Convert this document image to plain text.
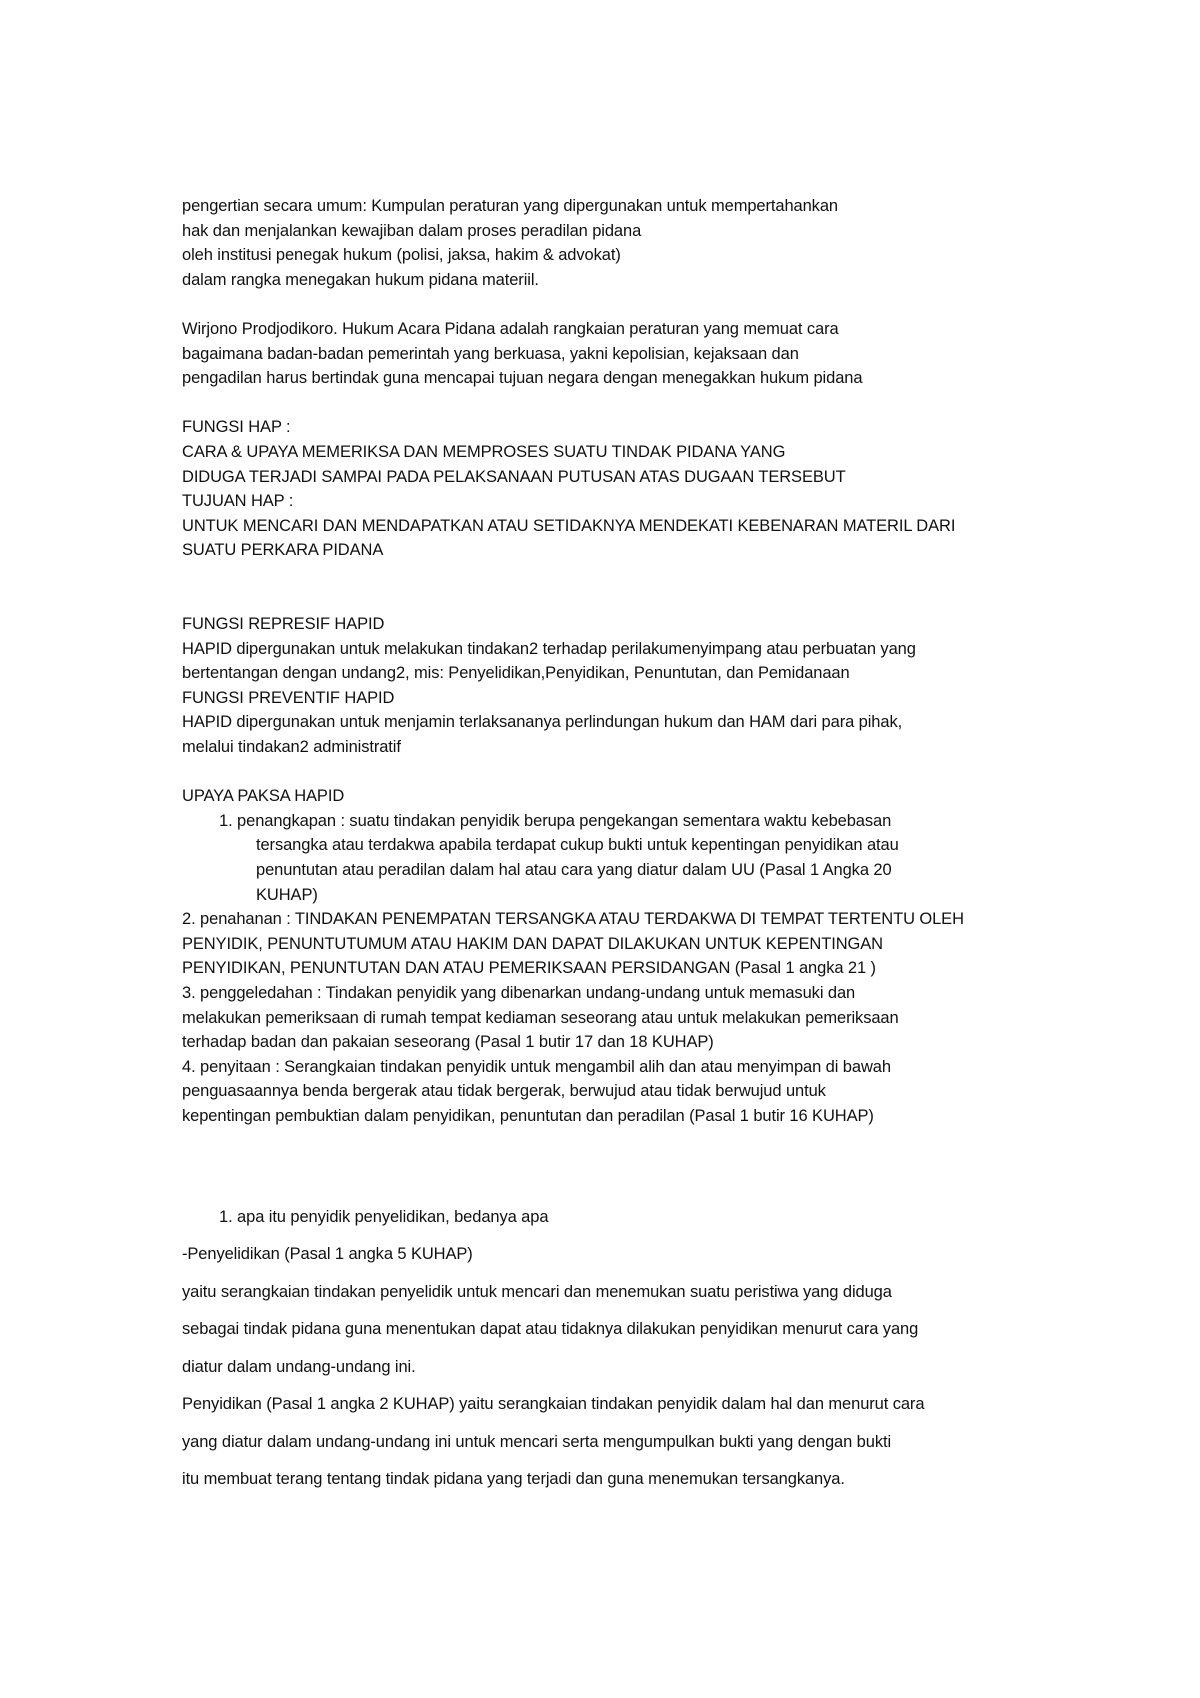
pengertian secara umum: Kumpulan peraturan yang dipergunakan untuk mempertahankan
hak dan menjalankan kewajiban dalam proses peradilan pidana
oleh institusi penegak hukum (polisi, jaksa, hakim & advokat)
dalam rangka menegakan hukum pidana materiil.
Wirjono Prodjodikoro. Hukum Acara Pidana adalah rangkaian peraturan yang memuat cara
bagaimana badan-badan pemerintah yang berkuasa, yakni kepolisian, kejaksaan dan
pengadilan harus bertindak guna mencapai tujuan negara dengan menegakkan hukum pidana
FUNGSI HAP :
CARA & UPAYA MEMERIKSA DAN MEMPROSES SUATU TINDAK PIDANA YANG
DIDUGA TERJADI SAMPAI PADA PELAKSANAAN PUTUSAN ATAS DUGAAN TERSEBUT
TUJUAN HAP :
UNTUK MENCARI DAN MENDAPATKAN ATAU SETIDAKNYA MENDEKATI KEBENARAN MATERIL DARI
SUATU PERKARA PIDANA
FUNGSI REPRESIF HAPID
HAPID dipergunakan untuk melakukan tindakan2 terhadap perilakumenyimpang atau perbuatan yang
bertentangan dengan undang2, mis: Penyelidikan,Penyidikan, Penuntutan, dan Pemidanaan
FUNGSI PREVENTIF HAPID
HAPID dipergunakan untuk menjamin terlaksananya perlindungan hukum dan HAM dari para pihak,
melalui tindakan2 administratif
UPAYA PAKSA HAPID
1. penangkapan : suatu tindakan penyidik berupa pengekangan sementara waktu kebebasan
tersangka atau terdakwa apabila terdapat cukup bukti untuk kepentingan penyidikan atau
penuntutan atau peradilan dalam hal atau cara yang diatur dalam UU (Pasal 1 Angka 20
KUHAP)
2. penahanan : TINDAKAN PENEMPATAN TERSANGKA ATAU TERDAKWA DI TEMPAT TERTENTU OLEH
PENYIDIK, PENUNTUTUMUM ATAU HAKIM DAN DAPAT DILAKUKAN UNTUK KEPENTINGAN
PENYIDIKAN, PENUNTUTAN DAN ATAU PEMERIKSAAN PERSIDANGAN (Pasal 1 angka 21 )
3. penggeledahan : Tindakan penyidik yang dibenarkan undang-undang untuk memasuki dan
melakukan pemeriksaan di rumah tempat kediaman seseorang atau untuk melakukan pemeriksaan
terhadap badan dan pakaian seseorang (Pasal 1 butir 17 dan 18 KUHAP)
4. penyitaan : Serangkaian tindakan penyidik untuk mengambil alih dan atau menyimpan di bawah
penguasaannya benda bergerak atau tidak bergerak, berwujud atau tidak berwujud untuk
kepentingan pembuktian dalam penyidikan, penuntutan dan peradilan (Pasal 1 butir 16 KUHAP)
1. apa itu penyidik penyelidikan, bedanya apa
-Penyelidikan (Pasal 1 angka 5 KUHAP)
yaitu serangkaian tindakan penyelidik untuk mencari dan menemukan suatu peristiwa yang diduga
sebagai tindak pidana guna menentukan dapat atau tidaknya dilakukan penyidikan menurut cara yang
diatur dalam undang-undang ini.
Penyidikan (Pasal 1 angka 2 KUHAP) yaitu serangkaian tindakan penyidik dalam hal dan menurut cara
yang diatur dalam undang-undang ini untuk mencari serta mengumpulkan bukti yang dengan bukti
itu membuat terang tentang tindak pidana yang terjadi dan guna menemukan tersangkanya.
